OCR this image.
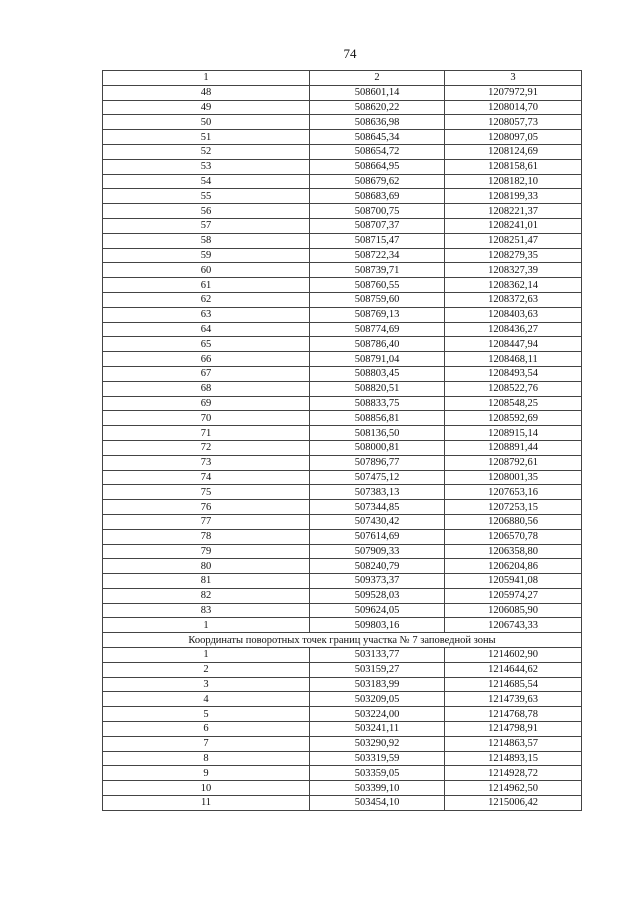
74
1	2	3
48	508601,14	1207972,91
49	508620,22	1208014,70
50	508636,98	1208057,73
51	508645,34	1208097,05
52	508654,72	1208124,69
53	508664,95	1208158,61
54	508679,62	1208182,10
55	508683,69	1208199,33
56	508700,75	1208221,37
57	508707,37	1208241,01
58	508715,47	1208251,47
59	508722,34	1208279,35
60	508739,71	1208327,39
61	508760,55	1208362,14
62	508759,60	1208372,63
63	508769,13	1208403,63
64	508774,69	1208436,27
65	508786,40	1208447,94
66	508791,04	1208468,11
67	508803,45	1208493,54
68	508820,51	1208522,76
69	508833,75	1208548,25
70	508856,81	1208592,69
71	508136,50	1208915,14
72	508000,81	1208891,44
73	507896,77	1208792,61
74	507475,12	1208001,35
75	507383,13	1207653,16
76	507344,85	1207253,15
77	507430,42	1206880,56
78	507614,69	1206570,78
79	507909,33	1206358,80
80	508240,79	1206204,86
81	509373,37	1205941,08
82	509528,03	1205974,27
83	509624,05	1206085,90
1	509803,16	1206743,33
Координаты поворотных точек границ участка № 7 заповедной зоны		
1	503133,77	1214602,90
2	503159,27	1214644,62
3	503183,99	1214685,54
4	503209,05	1214739,63
5	503224,00	1214768,78
6	503241,11	1214798,91
7	503290,92	1214863,57
8	503319,59	1214893,15
9	503359,05	1214928,72
10	503399,10	1214962,50
11	503454,10	1215006,42
